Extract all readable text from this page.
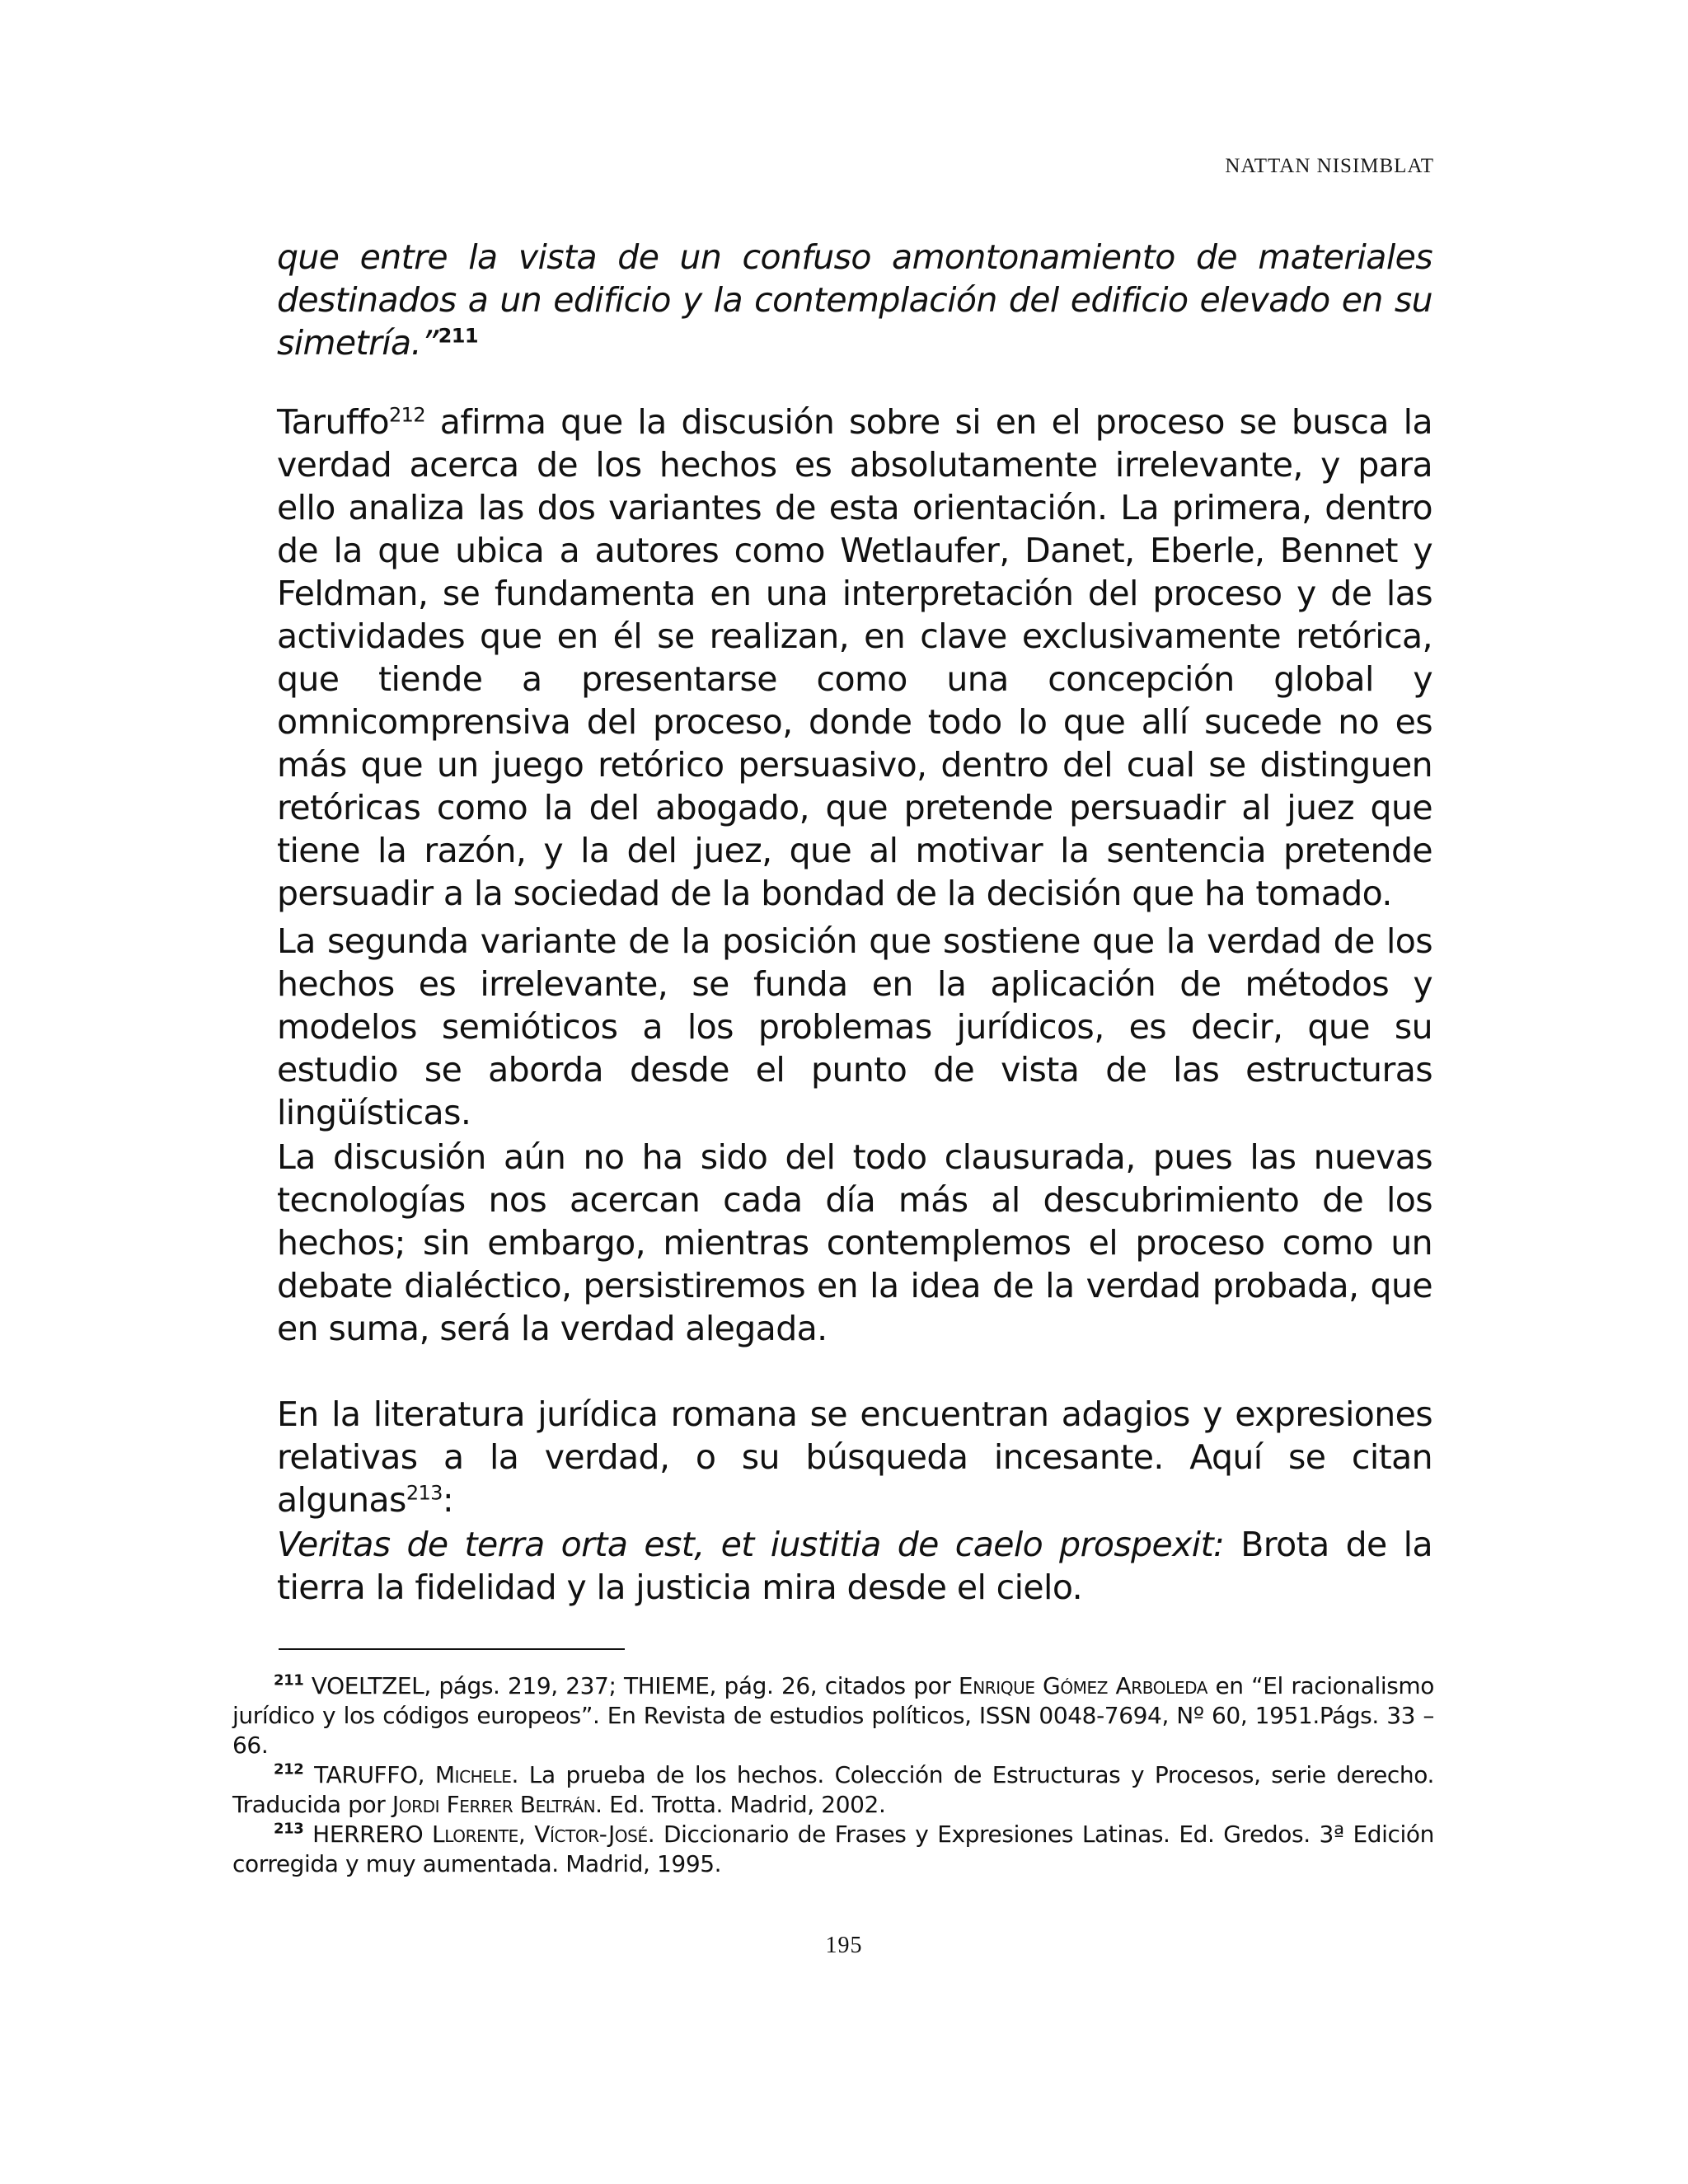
NATTAN NISIMBLAT

que entre la vista de un confuso amontonamiento de materiales destinados a un edificio y la contemplación del edificio elevado en su simetría.”$^{211}$

Taruffo$^{212}$ afirma que la discusión sobre si en el proceso se busca la verdad acerca de los hechos es absolutamente irrelevante, y para ello analiza las dos variantes de esta orientación. La primera, dentro de la que ubica a autores como Wetlaufer, Danet, Eberle, Bennet y Feldman, se fundamenta en una interpretación del proceso y de las actividades que en él se realizan, en clave exclusivamente retórica, que tiende a presentarse como una concepción global y omnicomprensiva del proceso, donde todo lo que allí sucede no es más que un juego retórico persuasivo, dentro del cual se distinguen retóricas como la del abogado, que pretende persuadir al juez que tiene la razón, y la del juez, que al motivar la sentencia pretende persuadir a la sociedad de la bondad de la decisión que ha tomado.

La segunda variante de la posición que sostiene que la verdad de los hechos es irrelevante, se funda en la aplicación de métodos y modelos semióticos a los problemas jurídicos, es decir, que su estudio se aborda desde el punto de vista de las estructuras lingüísticas.

La discusión aún no ha sido del todo clausurada, pues las nuevas tecnologías nos acercan cada día más al descubrimiento de los hechos; sin embargo, mientras contemplemos el proceso como un debate dialéctico, persistiremos en la idea de la verdad probada, que en suma, será la verdad alegada.

En la literatura jurídica romana se encuentran adagios y expresiones relativas a la verdad, o su búsqueda incesante. Aquí se citan algunas$^{213}$:

Veritas de terra orta est, et iustitia de caelo prospexit: Brota de la tierra la fidelidad y la justicia mira desde el cielo.

$^{211}$ VOELTZEL, págs. 219, 237; THIEME, pág. 26, citados por Enrique Gómez Arboleda en “El racionalismo jurídico y los códigos europeos”. En Revista de estudios políticos, ISSN 0048-7694, Nº 60, 1951.Págs. 33 – 66.

$^{212}$ TARUFFO, Michele. La prueba de los hechos. Colección de Estructuras y Procesos, serie derecho. Traducida por Jordi Ferrer Beltrán. Ed. Trotta. Madrid, 2002.

$^{213}$ HERRERO Llorente, Víctor-José. Diccionario de Frases y Expresiones Latinas. Ed. Gredos. 3ª Edición corregida y muy aumentada. Madrid, 1995.

195
